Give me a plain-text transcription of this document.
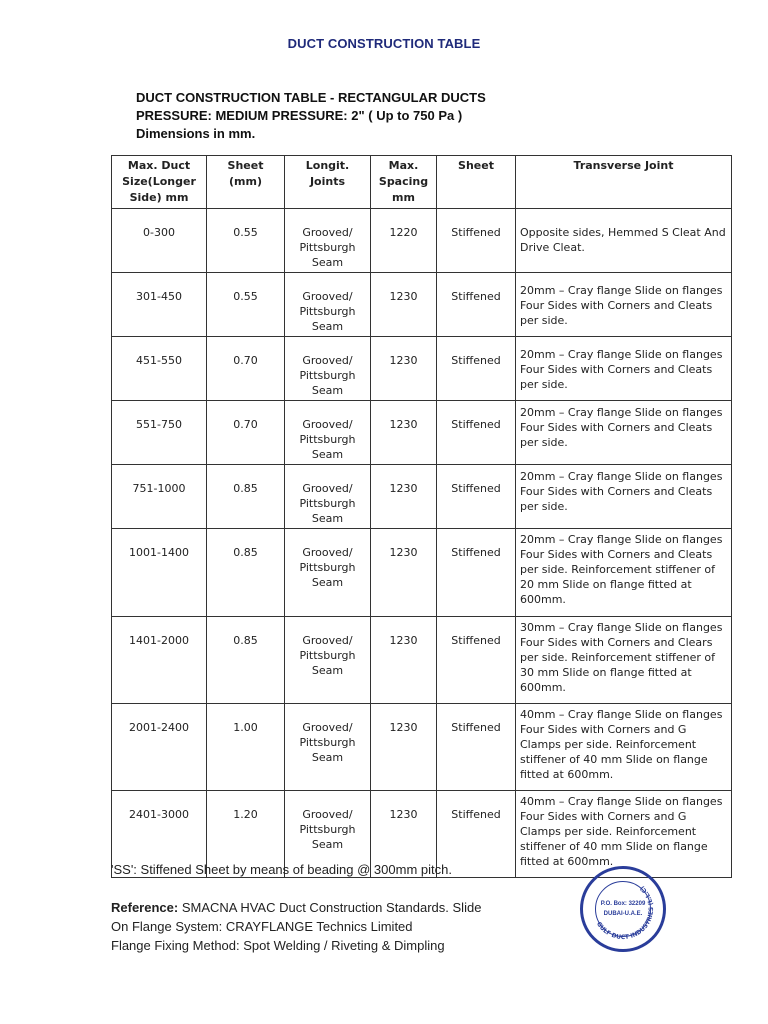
DUCT CONSTRUCTION TABLE
DUCT CONSTRUCTION TABLE - RECTANGULAR DUCTS
PRESSURE: MEDIUM PRESSURE: 2" ( Up to 750 Pa )
Dimensions in mm.
Max. Duct Size(Longer Side) mm	Sheet (mm)	Longit. Joints	Max. Spacing mm	Sheet	Transverse Joint
0-300	0.55	Grooved/ Pittsburgh Seam	1220	Stiffened	Opposite sides, Hemmed S Cleat And Drive Cleat.
301-450	0.55	Grooved/ Pittsburgh Seam	1230	Stiffened	20mm – Cray flange Slide on flanges Four Sides with Corners and Cleats per side.
451-550	0.70	Grooved/ Pittsburgh Seam	1230	Stiffened	20mm – Cray flange Slide on flanges Four Sides with Corners and Cleats per side.
551-750	0.70	Grooved/ Pittsburgh Seam	1230	Stiffened	20mm – Cray flange Slide on flanges Four Sides with Corners and Cleats per side.
751-1000	0.85	Grooved/ Pittsburgh Seam	1230	Stiffened	20mm – Cray flange Slide on flanges Four Sides with Corners and Cleats per side.
1001-1400	0.85	Grooved/ Pittsburgh Seam	1230	Stiffened	20mm – Cray flange Slide on flanges Four Sides with Corners and Cleats per side. Reinforcement stiffener of 20 mm Slide on flange fitted at 600mm.
1401-2000	0.85	Grooved/ Pittsburgh Seam	1230	Stiffened	30mm – Cray flange Slide on flanges Four Sides with Corners and Clears per side. Reinforcement stiffener of 30 mm Slide on flange fitted at 600mm.
2001-2400	1.00	Grooved/ Pittsburgh Seam	1230	Stiffened	40mm – Cray flange Slide on flanges Four Sides with Corners and G Clamps per side. Reinforcement stiffener of 40 mm Slide on flange fitted at 600mm.
2401-3000	1.20	Grooved/ Pittsburgh Seam	1230	Stiffened	40mm – Cray flange Slide on flanges Four Sides with Corners and G Clamps per side. Reinforcement stiffener of 40 mm Slide on flange fitted at 600mm.
'SS': Stiffened Sheet by means of beading @ 300mm pitch.
Reference: SMACNA HVAC Duct Construction Standards. Slide
On Flange System: CRAYFLANGE Technics Limited
Flange Fixing Method: Spot Welding / Riveting & Dimpling
GULF DUCT INDUSTRIES (L.L.C)
P.O. Box: 32209
DUBAI-U.A.E.
